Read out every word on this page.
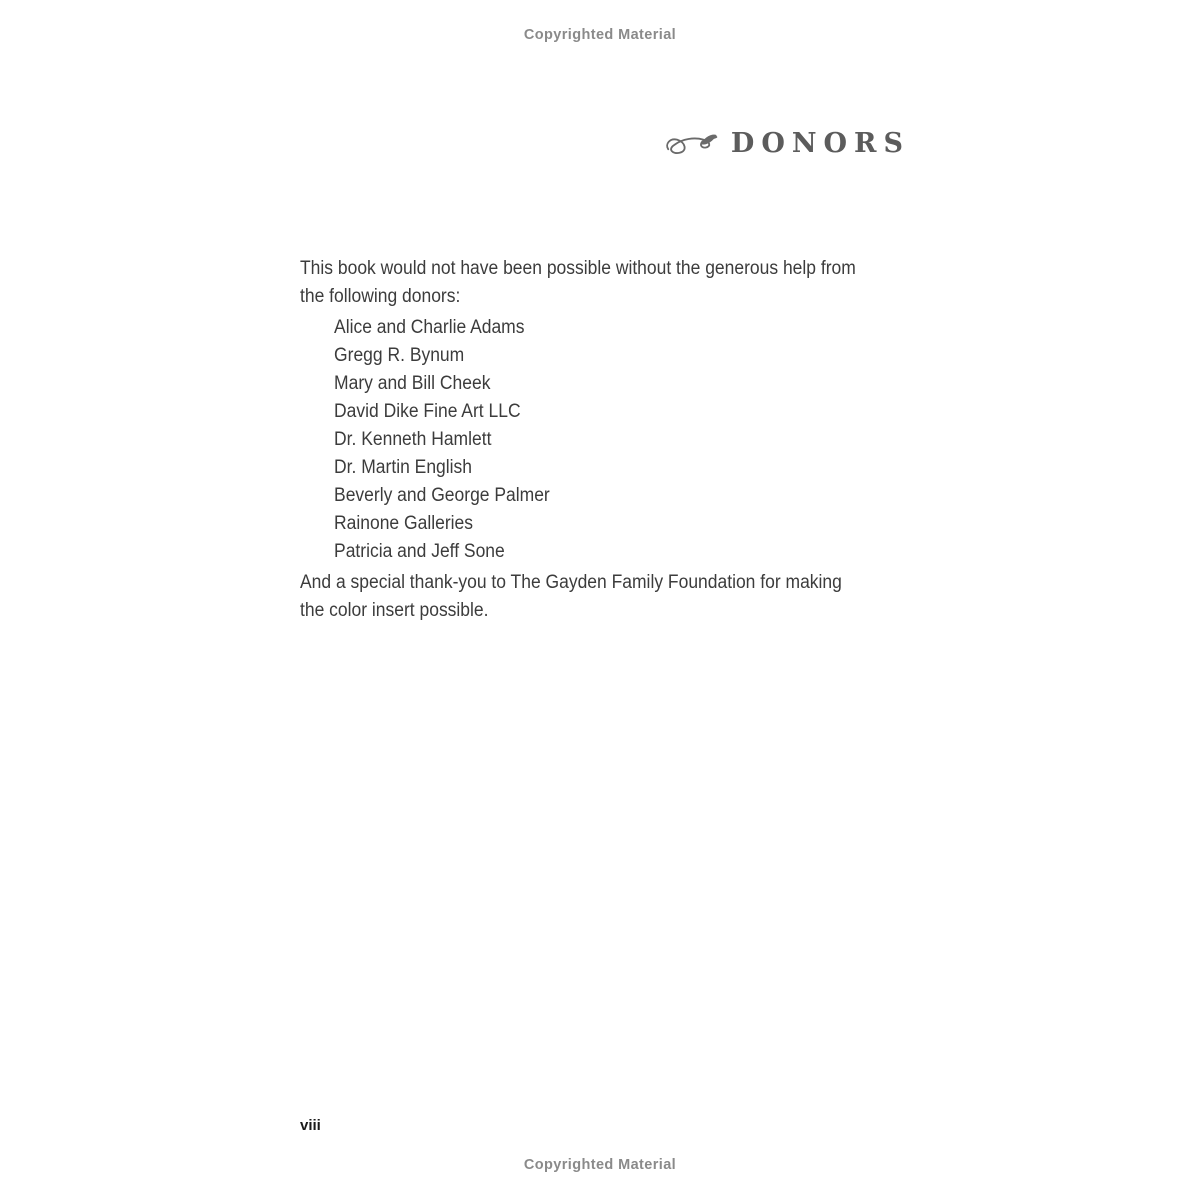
Copyrighted Material
DONORS
This book would not have been possible without the generous help from
the following donors:
Alice and Charlie Adams
Gregg R. Bynum
Mary and Bill Cheek
David Dike Fine Art LLC
Dr. Kenneth Hamlett
Dr. Martin English
Beverly and George Palmer
Rainone Galleries
Patricia and Jeff Sone
And a special thank-you to The Gayden Family Foundation for making
the color insert possible.
viii
Copyrighted Material
